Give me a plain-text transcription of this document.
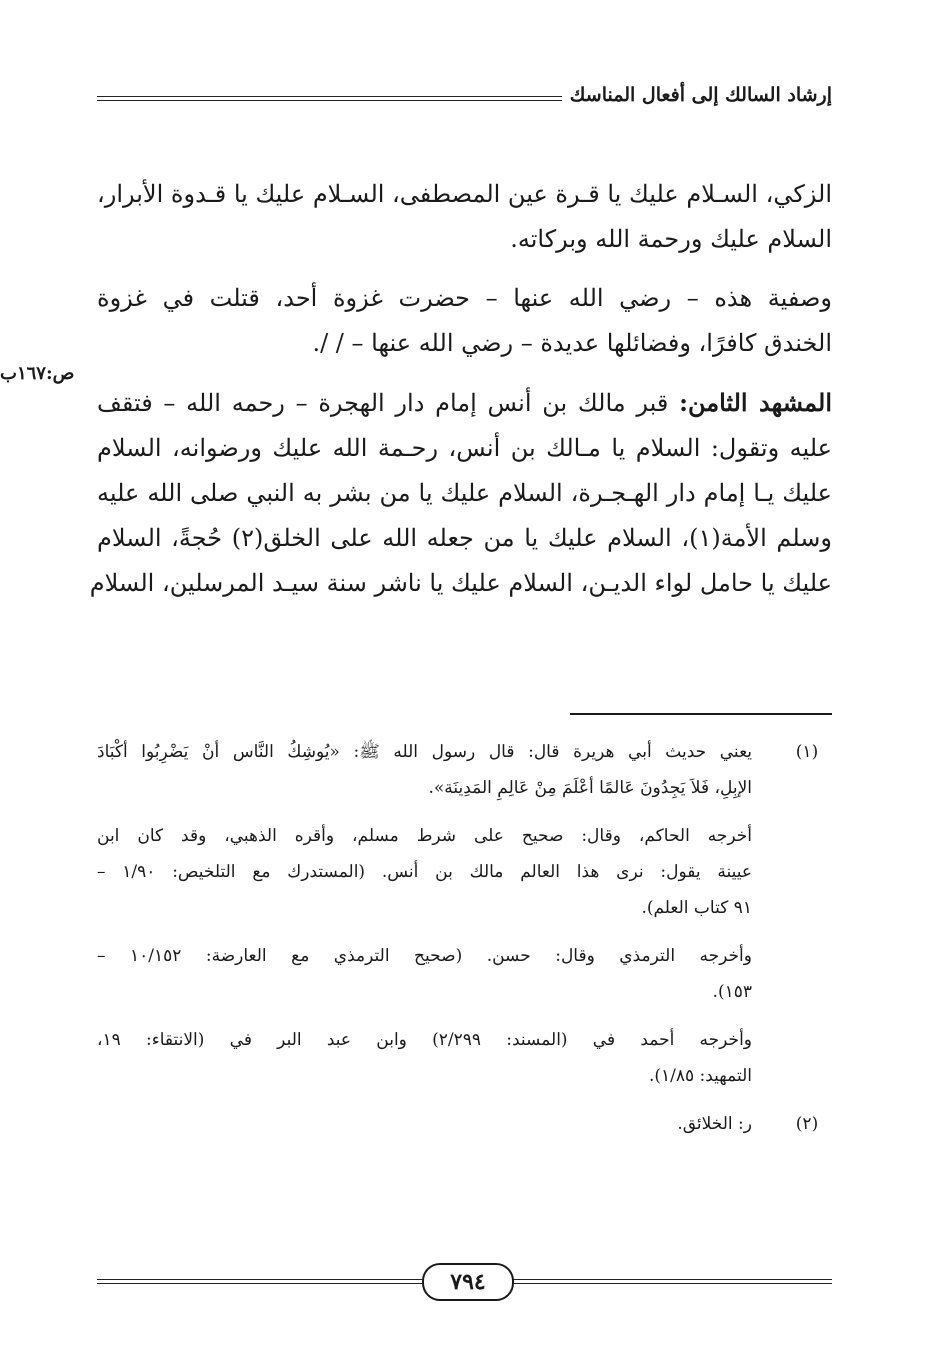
إرشاد السالك إلى أفعال المناسك
ص:١٦٧ب

الزكي، السـلام عليك يا قـرة عين المصطفى، السـلام عليك يا قـدوة الأبرار،
السلام عليك ورحمة الله وبركاته.

وصفية هذه – رضي الله عنها – حضرت غزوة أحد، قتلت في غزوة
الخندق كافرًا، وفضائلها عديدة – رضي الله عنها – / /.

المشهد الثامن: قبر مالك بن أنس إمام دار الهجرة – رحمه الله – فتقف
عليه وتقول: السلام يا مـالك بن أنس، رحـمة الله عليك ورضوانه، السلام
عليك يـا إمام دار الهـجـرة، السلام عليك يا من بشر به النبي صلى الله عليه
وسلم الأمة(١)، السلام عليك يا من جعله الله على الخلق(٢) حُجةً، السلام
عليك يا حامل لواء الديـن، السلام عليك يا ناشر سنة سيـد المرسلين، السلام

(١)
يعني حديث أبي هريرة قال: قال رسول الله ﷺ: «يُوشِكُ النَّاس أنْ يَضْرِبُوا أكْبَادَ
الإبِلِ، فَلاَ يَجِدُونَ عَالمًا أعْلَمَ مِنْ عَالِمِ المَدِينَة».
أخرجه الحاكم، وقال: صحيح على شرط مسلم، وأقره الذهبي، وقد كان ابن
عيينة يقول: نرى هذا العالم مالك بن أنس. (المستدرك مع التلخيص: ١/٩٠ –
٩١ كتاب العلم).
وأخرجه الترمذي وقال: حسن. (صحيح الترمذي مع العارضة: ١٠/١٥٢ –
١٥٣).
وأخرجه أحمد في (المسند: ٢/٢٩٩) وابن عبد البر في (الانتقاء: ١٩،
التمهيد: ١/٨٥).
(٢)
ر: الخلائق.
٧٩٤
